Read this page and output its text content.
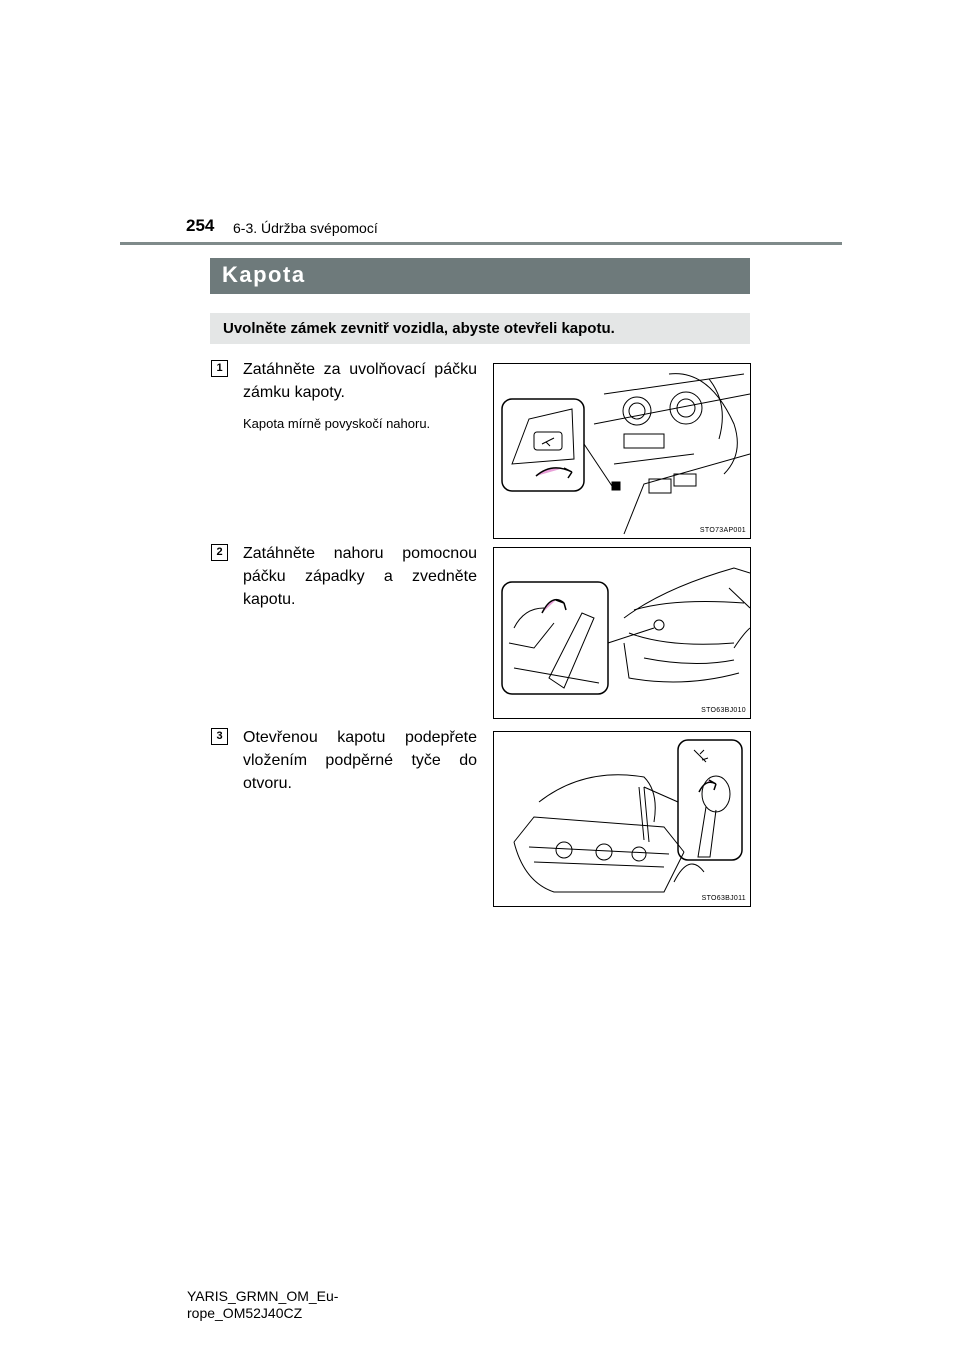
254 6-3. Údržba svépomocí
Kapota
Uvolněte zámek zevnitř vozidla, abyste otevřeli kapotu.
1	Zatáhněte za uvolňovací páčku zámku kapoty.
Kapota mírně povyskočí nahoru.
STO73AP001
2	Zatáhněte nahoru pomocnou páčku západky a zvedněte kapotu.
STO63BJ010
3	Otevřenou kapotu podepřete vložením podpěrné tyče do otvoru.
STO63BJ011
YARIS_GRMN_OM_Eu-
rope_OM52J40CZ
